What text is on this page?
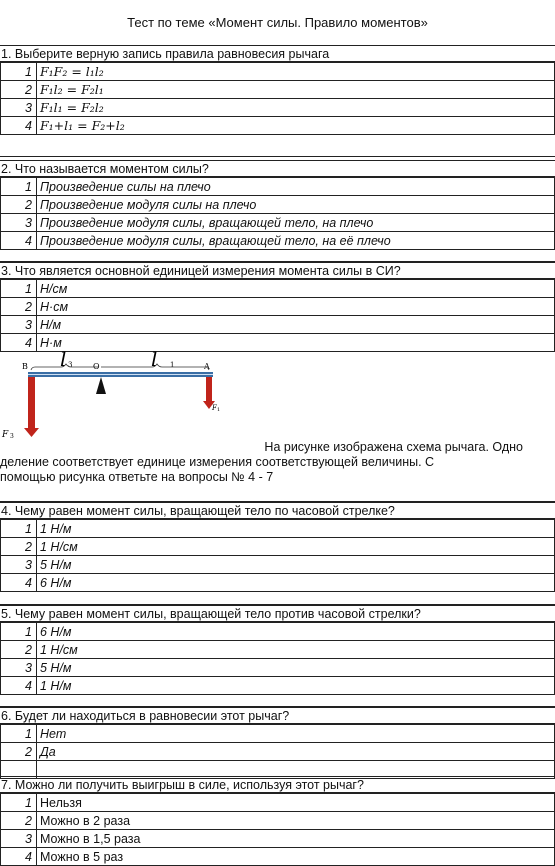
Тест по теме «Момент силы. Правило моментов»
1. Выберите верную запись правила равновесия рычага
1	F₁F₂ = l₁l₂
2	F₁l₂ = F₂l₁
3	F₁l₁ = F₂l₂
4	F₁+l₁ = F₂+l₂
2. Что называется моментом силы?
1	Произведение силы на плечо
2	Произведение модуля силы на плечо
3	Произведение модуля силы, вращающей тело, на плечо
4	Произведение модуля силы, вращающей тело, на её плечо
3. Что является основной единицей измерения момента силы в СИ?
1	Н/см
2	Н·см
3	Н/м
4	Н·м
B l 3	O	l 1	A
F 3
F 1
На рисунке изображена схема рычага. Одно
деление соответствует единице измерения соответствующей величины. С
помощью рисунка ответьте на вопросы № 4 - 7
4. Чему равен момент силы, вращающей тело по часовой стрелке?
1	1 Н/м
2	1 Н/см
3	5 Н/м
4	6 Н/м
5. Чему равен момент силы, вращающей тело против часовой стрелки?
1	6 Н/м
2	1 Н/см
3	5 Н/м
4	1 Н/м
6. Будет ли находиться в равновесии этот рычаг?
1	Нет
2	Да

7. Можно ли получить выигрыш в силе, используя этот рычаг?
1	Нельзя
2	Можно в 2 раза
3	Можно в 1,5 раза
4	Можно в 5 раз
